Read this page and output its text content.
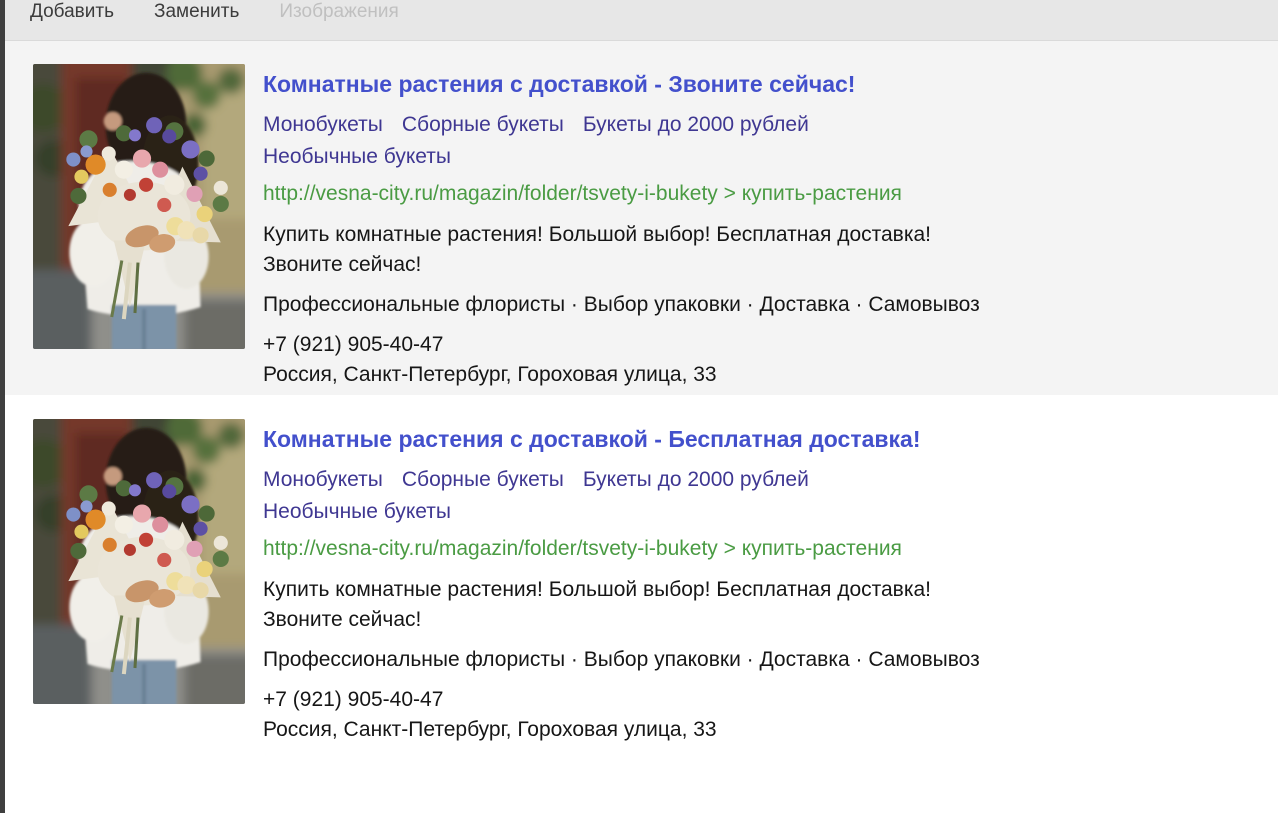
Добавить Заменить Изображения
Комнатные растения с доставкой - Звоните сейчас!
Монобукеты Сборные букеты Букеты до 2000 рублей
Необычные букеты
http://vesna-city.ru/magazin/folder/tsvety-i-bukety > купить-растения
Купить комнатные растения! Большой выбор! Бесплатная доставка!
Звоните сейчас!
Профессиональные флористы · Выбор упаковки · Доставка · Самовывоз
+7 (921) 905-40-47
Россия, Санкт-Петербург, Гороховая улица, 33
Комнатные растения с доставкой - Бесплатная доставка!
Монобукеты Сборные букеты Букеты до 2000 рублей
Необычные букеты
http://vesna-city.ru/magazin/folder/tsvety-i-bukety > купить-растения
Купить комнатные растения! Большой выбор! Бесплатная доставка!
Звоните сейчас!
Профессиональные флористы · Выбор упаковки · Доставка · Самовывоз
+7 (921) 905-40-47
Россия, Санкт-Петербург, Гороховая улица, 33
